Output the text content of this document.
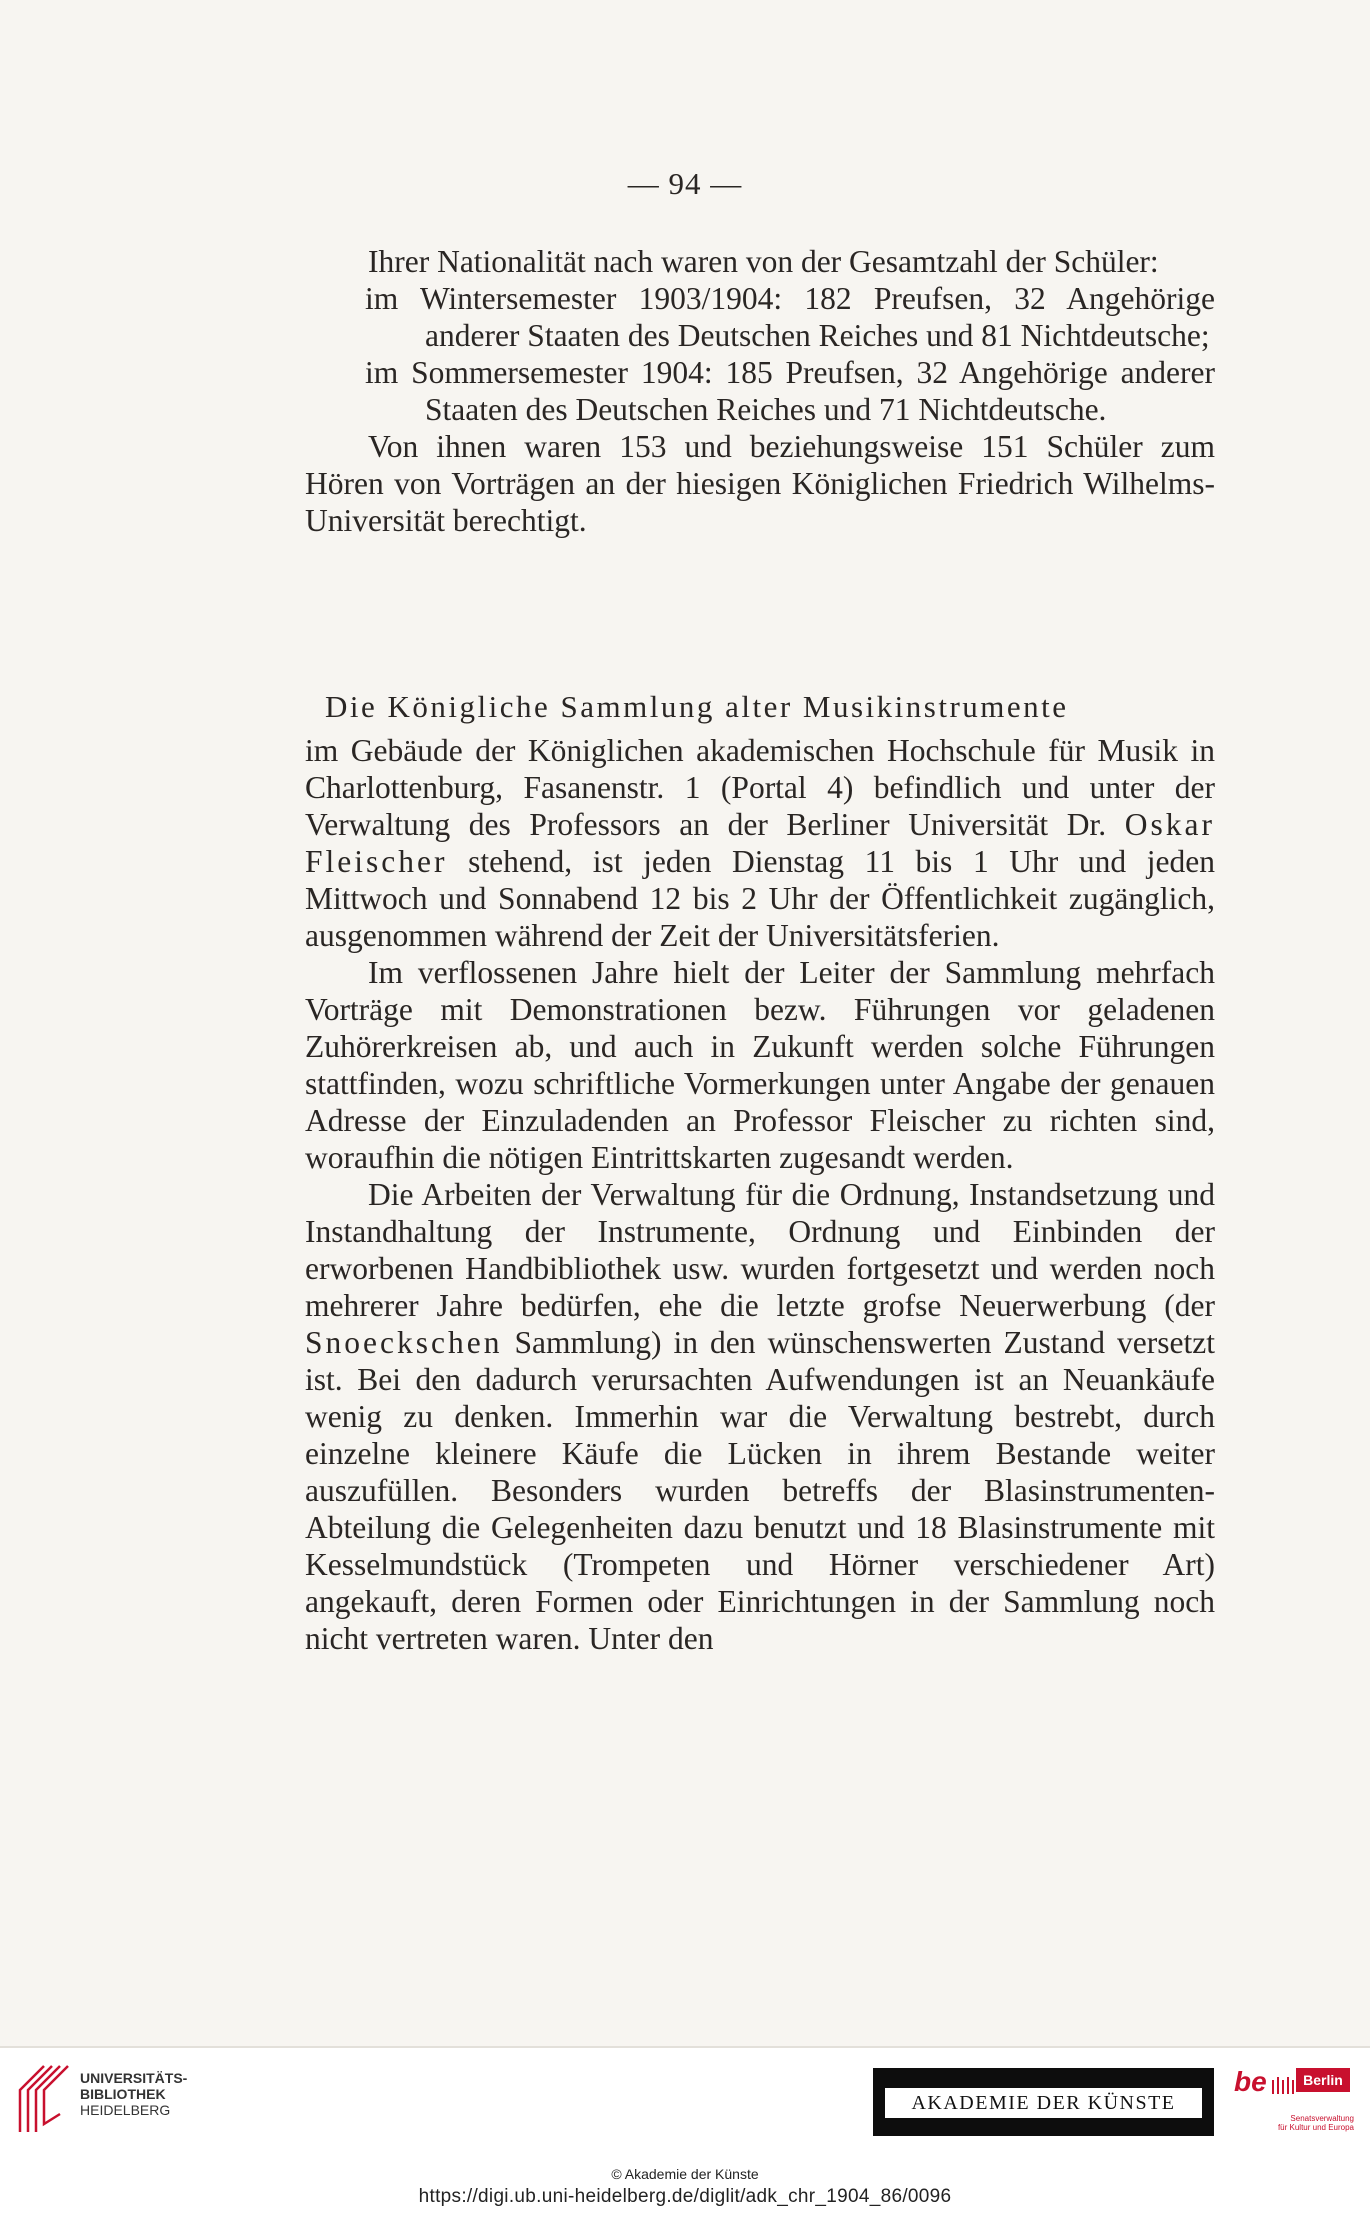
— 94 —

Ihrer Nationalität nach waren von der Gesamtzahl der Schüler:

im Wintersemester 1903/1904: 182 Preufsen, 32 Angehörige anderer Staaten des Deutschen Reiches und 81 Nichtdeutsche;

im Sommersemester 1904: 185 Preufsen, 32 Angehörige anderer Staaten des Deutschen Reiches und 71 Nichtdeutsche.

Von ihnen waren 153 und beziehungsweise 151 Schüler zum Hören von Vorträgen an der hiesigen Königlichen Friedrich Wilhelms-Universität berechtigt.

Die Königliche Sammlung alter Musikinstrumente

im Gebäude der Königlichen akademischen Hochschule für Musik in Charlottenburg, Fasanenstr. 1 (Portal 4) befindlich und unter der Verwaltung des Professors an der Berliner Universität Dr. Oskar Fleischer stehend, ist jeden Dienstag 11 bis 1 Uhr und jeden Mittwoch und Sonnabend 12 bis 2 Uhr der Öffentlichkeit zugänglich, ausgenommen während der Zeit der Universitätsferien.

Im verflossenen Jahre hielt der Leiter der Sammlung mehrfach Vorträge mit Demonstrationen bezw. Führungen vor geladenen Zuhörerkreisen ab, und auch in Zukunft werden solche Führungen stattfinden, wozu schriftliche Vormerkungen unter Angabe der genauen Adresse der Einzuladenden an Professor Fleischer zu richten sind, woraufhin die nötigen Eintrittskarten zugesandt werden.

Die Arbeiten der Verwaltung für die Ordnung, Instandsetzung und Instandhaltung der Instrumente, Ordnung und Einbinden der erworbenen Handbibliothek usw. wurden fortgesetzt und werden noch mehrerer Jahre bedürfen, ehe die letzte grofse Neuerwerbung (der Snoeckschen Sammlung) in den wünschenswerten Zustand versetzt ist. Bei den dadurch verursachten Aufwendungen ist an Neuankäufe wenig zu denken. Immerhin war die Verwaltung bestrebt, durch einzelne kleinere Käufe die Lücken in ihrem Bestande weiter auszufüllen. Besonders wurden betreffs der Blasinstrumenten-Abteilung die Gelegenheiten dazu benutzt und 18 Blasinstrumente mit Kesselmundstück (Trompeten und Hörner verschiedener Art) angekauft, deren Formen oder Einrichtungen in der Sammlung noch nicht vertreten waren. Unter den

UNIVERSITÄTS-
BIBLIOTHEK
HEIDELBERG	AKADEMIE DER KÜNSTE
be	Berlin
Senatsverwaltung
für Kultur und Europa
© Akademie der Künste
https://digi.ub.uni-heidelberg.de/diglit/adk_chr_1904_86/0096
